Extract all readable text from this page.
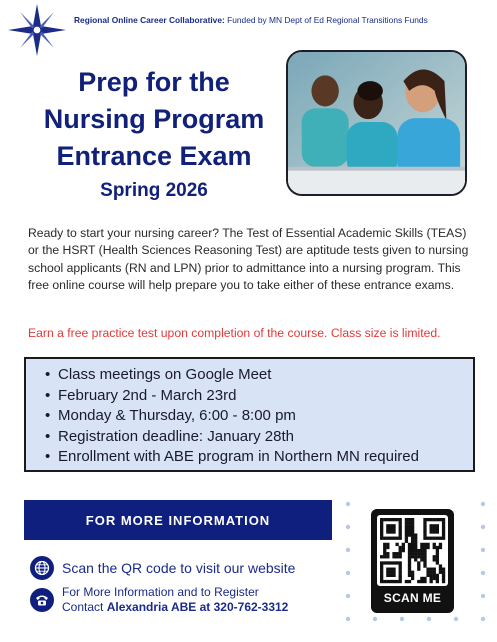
Regional Online Career Collaborative: Funded by MN Dept of Ed Regional Transitions Funds
Prep for the
Nursing Program
Entrance Exam
Spring 2026
Ready to start your nursing career? The Test of Essential Academic Skills (TEAS) or the HSRT (Health Sciences Reasoning Test) are aptitude tests given to nursing school applicants (RN and LPN) prior to admittance into a nursing program. This free online course will help prepare you to take either of these entrance exams.
Earn a free practice test upon completion of the course. Class size is limited.
• Class meetings on Google Meet
• February 2nd - March 23rd
• Monday & Thursday, 6:00 - 8:00 pm
• Registration deadline: January 28th
• Enrollment with ABE program in Northern MN required
FOR MORE INFORMATION
Scan the QR code to visit our website
For More Information and to Register
Contact Alexandria ABE at 320-762-3312
SCAN ME
